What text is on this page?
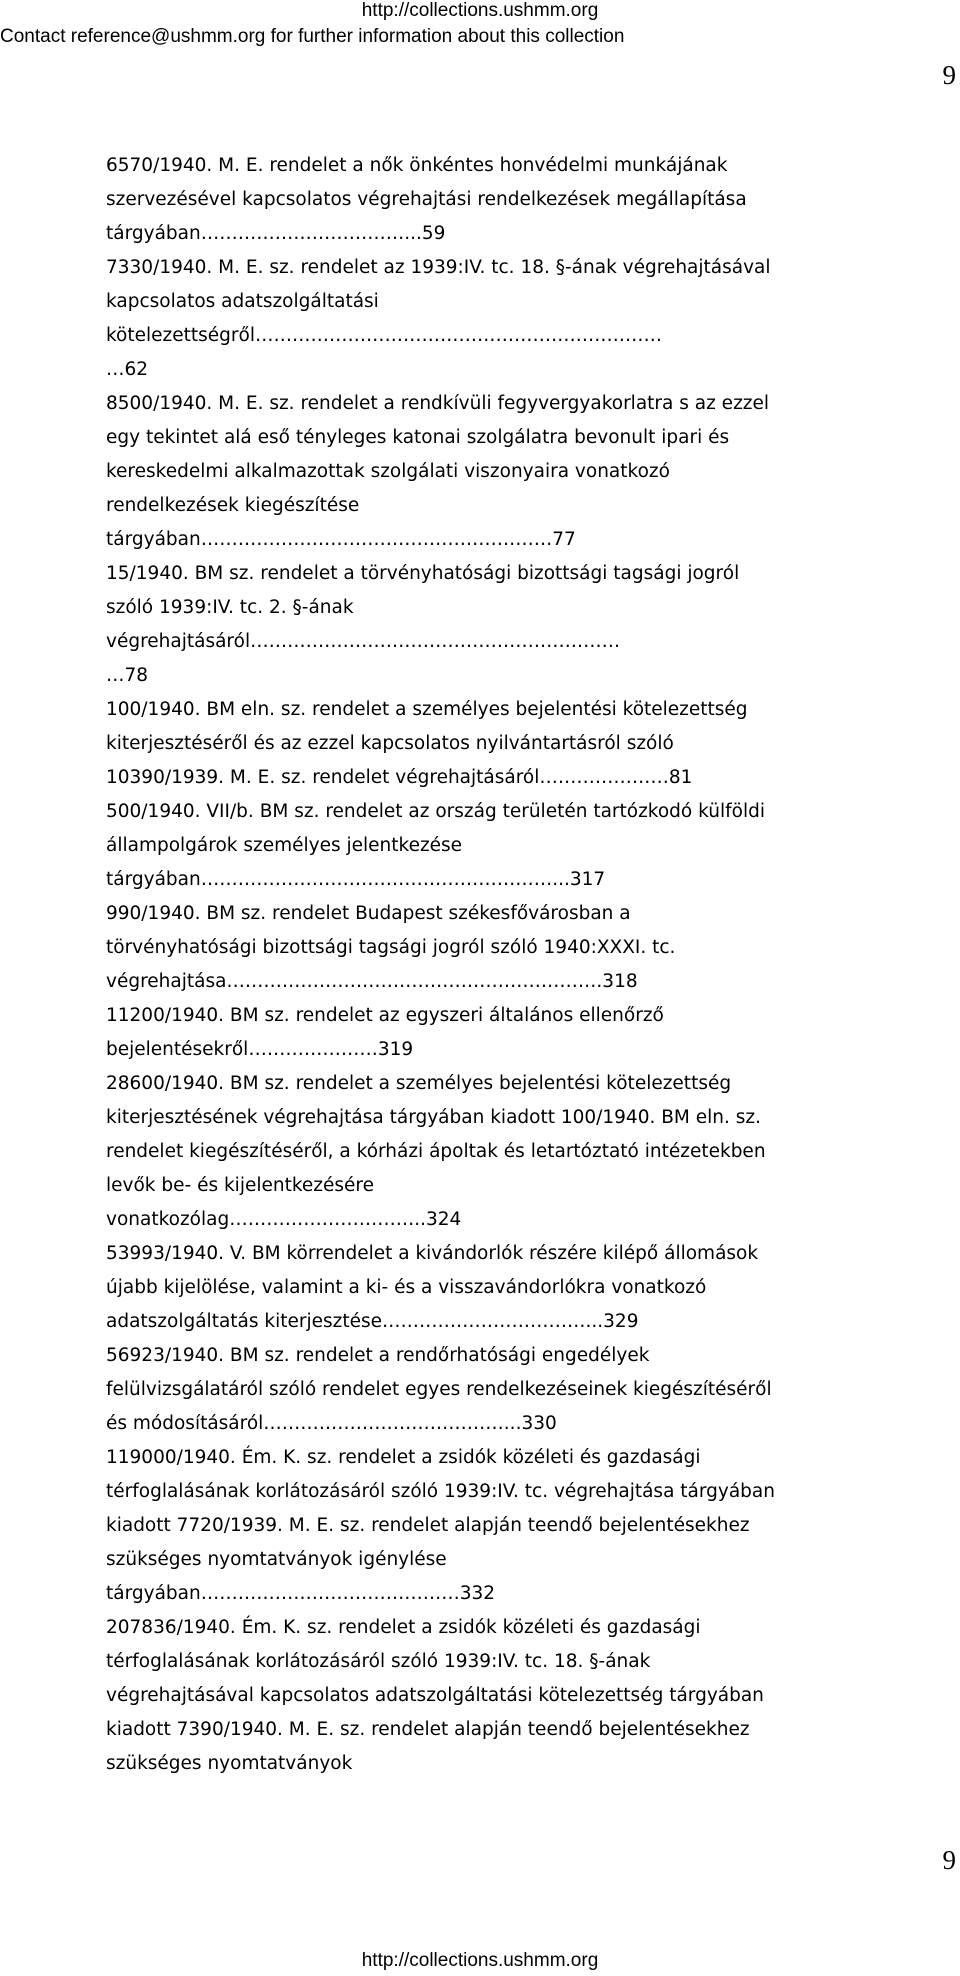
http://collections.ushmm.org
Contact reference@ushmm.org for further information about this collection
9
6570/1940. M. E. rendelet a nők önkéntes honvédelmi munkájának
szervezésével kapcsolatos végrehajtási rendelkezések megállapítása
tárgyában……………………………...59
7330/1940. M. E. sz. rendelet az 1939:IV. tc. 18. §-ának végrehajtásával
kapcsolatos adatszolgáltatási
kötelezettségről…………………………………………………………
…62
8500/1940. M. E. sz. rendelet a rendkívüli fegyvergyakorlatra s az ezzel
egy tekintet alá eső tényleges katonai szolgálatra bevonult ipari és
kereskedelmi alkalmazottak szolgálati viszonyaira vonatkozó
rendelkezések kiegészítése
tárgyában…………………………………………………77
15/1940. BM sz. rendelet a törvényhatósági bizottsági tagsági jogról
szóló 1939:IV. tc. 2. §-ának
végrehajtásáról……………………………………………………
…78
100/1940. BM eln. sz. rendelet a személyes bejelentési kötelezettség
kiterjesztéséről és az ezzel kapcsolatos nyilvántartásról szóló
10390/1939. M. E. sz. rendelet végrehajtásáról…………………81
500/1940. VII/b. BM sz. rendelet az ország területén tartózkodó külföldi
állampolgárok személyes jelentkezése
tárgyában…………………………………………………...317
990/1940. BM sz. rendelet Budapest székesfővárosban a
törvényhatósági bizottsági tagsági jogról szóló 1940:XXXI. tc.
végrehajtása…………………………………………………….318
11200/1940. BM sz. rendelet az egyszeri általános ellenőrző
bejelentésekről…………………319
28600/1940. BM sz. rendelet a személyes bejelentési kötelezettség
kiterjesztésének végrehajtása tárgyában kiadott 100/1940. BM eln. sz.
rendelet kiegészítéséről, a kórházi ápoltak és letartóztató intézetekben
levők be- és kijelentkezésére
vonatkozólag…………………………..324
53993/1940. V. BM körrendelet a kivándorlók részére kilépő állomások
újabb kijelölése, valamint a ki- és a visszavándorlókra vonatkozó
adatszolgáltatás kiterjesztése……………………………...329
56923/1940. BM sz. rendelet a rendőrhatósági engedélyek
felülvizsgálatáról szóló rendelet egyes rendelkezéseinek kiegészítéséről
és módosításáról…………………………………...330
119000/1940. Ém. K. sz. rendelet a zsidók közéleti és gazdasági
térfoglalásának korlátozásáról szóló 1939:IV. tc. végrehajtása tárgyában
kiadott 7720/1939. M. E. sz. rendelet alapján teendő bejelentésekhez
szükséges nyomtatványok igénylése
tárgyában……………………………………332
207836/1940. Ém. K. sz. rendelet a zsidók közéleti és gazdasági
térfoglalásának korlátozásáról szóló 1939:IV. tc. 18. §-ának
végrehajtásával kapcsolatos adatszolgáltatási kötelezettség tárgyában
kiadott 7390/1940. M. E. sz. rendelet alapján teendő bejelentésekhez
szükséges nyomtatványok
9
http://collections.ushmm.org
